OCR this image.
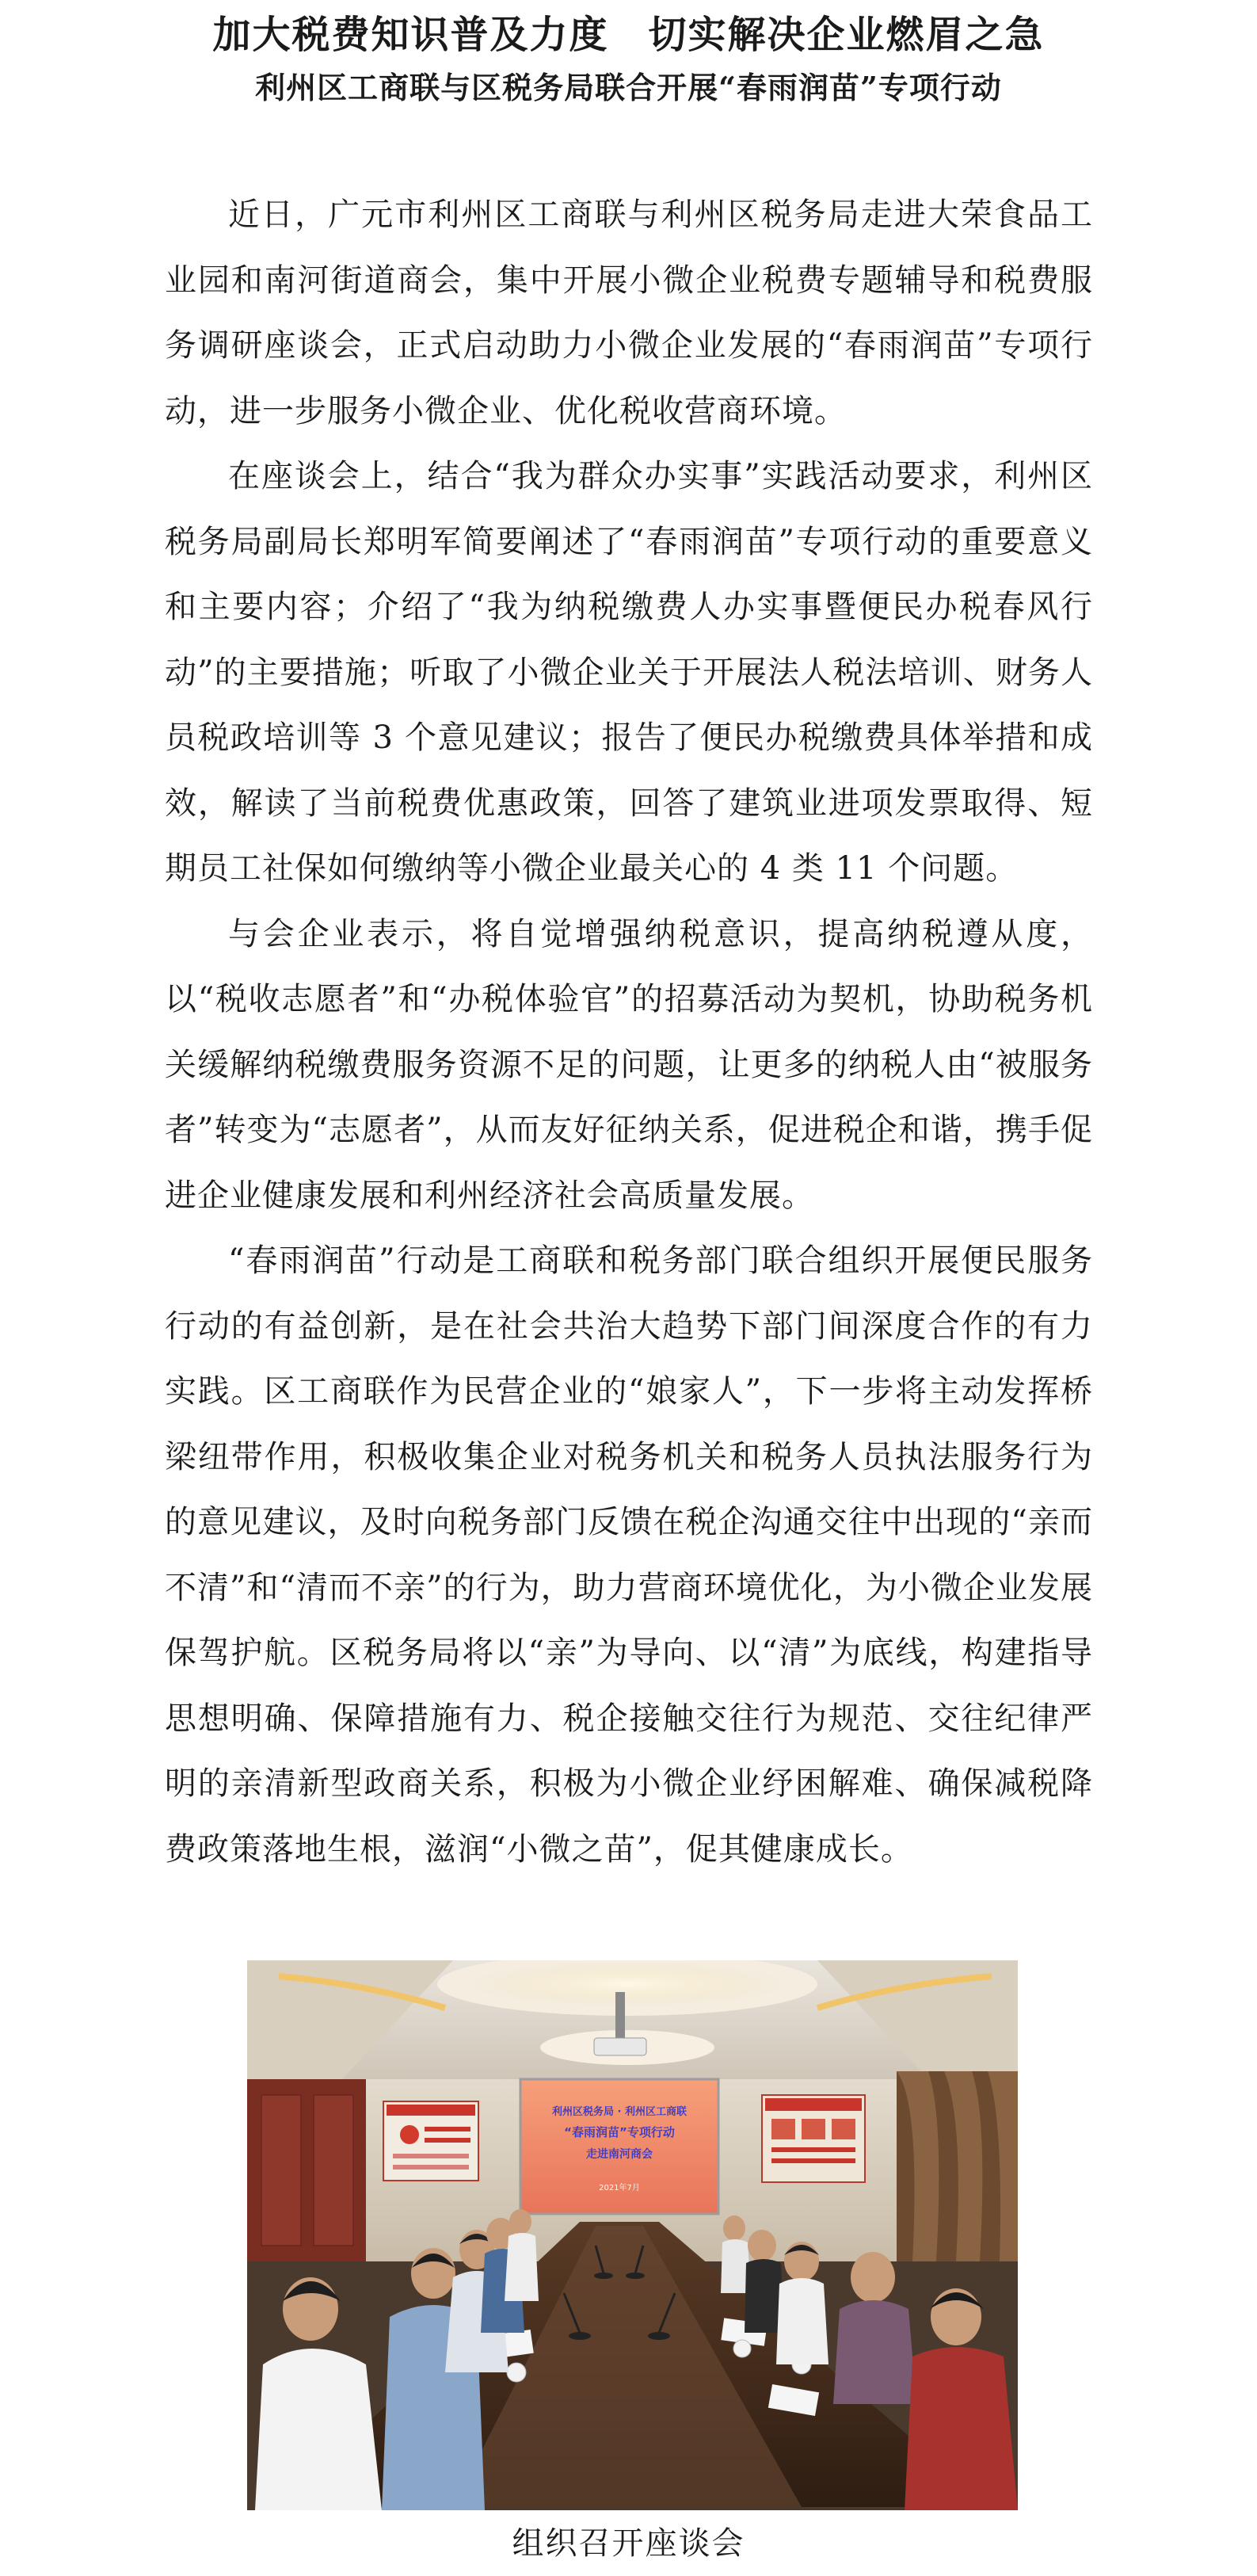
加大税费知识普及力度　切实解决企业燃眉之急
利州区工商联与区税务局联合开展“春雨润苗”专项行动

近日，广元市利州区工商联与利州区税务局走进大荣食品工业园和南河街道商会，集中开展小微企业税费专题辅导和税费服务调研座谈会，正式启动助力小微企业发展的“春雨润苗”专项行动，进一步服务小微企业、优化税收营商环境。

在座谈会上，结合“我为群众办实事”实践活动要求，利州区税务局副局长郑明军简要阐述了“春雨润苗”专项行动的重要意义和主要内容；介绍了“我为纳税缴费人办实事暨便民办税春风行动”的主要措施；听取了小微企业关于开展法人税法培训、财务人员税政培训等 3 个意见建议；报告了便民办税缴费具体举措和成效，解读了当前税费优惠政策，回答了建筑业进项发票取得、短期员工社保如何缴纳等小微企业最关心的 4 类 11 个问题。

与会企业表示，将自觉增强纳税意识，提高纳税遵从度，以“税收志愿者”和“办税体验官”的招募活动为契机，协助税务机关缓解纳税缴费服务资源不足的问题，让更多的纳税人由“被服务者”转变为“志愿者”，从而友好征纳关系，促进税企和谐，携手促进企业健康发展和利州经济社会高质量发展。

“春雨润苗”行动是工商联和税务部门联合组织开展便民服务行动的有益创新，是在社会共治大趋势下部门间深度合作的有力实践。区工商联作为民营企业的“娘家人”，下一步将主动发挥桥梁纽带作用，积极收集企业对税务机关和税务人员执法服务行为的意见建议，及时向税务部门反馈在税企沟通交往中出现的“亲而不清”和“清而不亲”的行为，助力营商环境优化，为小微企业发展保驾护航。区税务局将以“亲”为导向、以“清”为底线，构建指导思想明确、保障措施有力、税企接触交往行为规范、交往纪律严明的亲清新型政商关系，积极为小微企业纾困解难、确保减税降费政策落地生根，滋润“小微之苗”，促其健康成长。

利州区税务局 · 利州区工商联
“春雨润苗”专项行动
走进南河商会
2021年7月
组织召开座谈会
